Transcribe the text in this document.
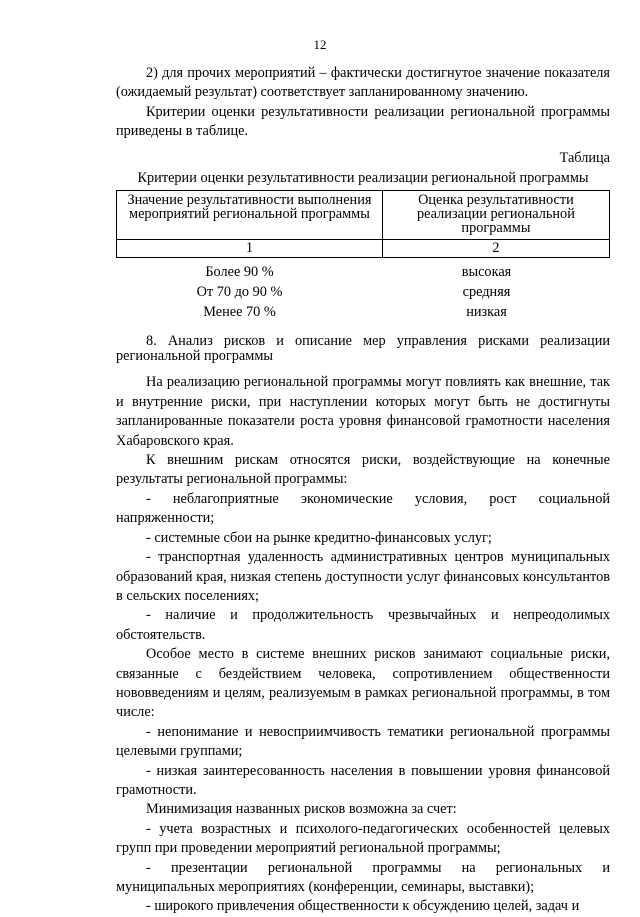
12

2) для прочих мероприятий – фактически достигнутое значение показателя (ожидаемый результат) соответствует запланированному значению.

Критерии оценки результативности реализации региональной программы приведены в таблице.

Таблица

Критерии оценки результативности реализации региональной программы

Значение результативности выполнения мероприятий региональной программы	Оценка результативности реализации региональной программы
1	2
Более 90 %	высокая
От 70 до 90 %	средняя
Менее 70 %	низкая

8. Анализ рисков и описание мер управления рисками реализации региональной программы

На реализацию региональной программы могут повлиять как внешние, так и внутренние риски, при наступлении которых могут быть не достигнуты запланированные показатели роста уровня финансовой грамотности населения Хабаровского края.

К внешним рискам относятся риски, воздействующие на конечные результаты региональной программы:

- неблагоприятные экономические условия, рост социальной напряженности;

- системные сбои на рынке кредитно-финансовых услуг;

- транспортная удаленность административных центров муниципальных образований края, низкая степень доступности услуг финансовых консультантов в сельских поселениях;

- наличие и продолжительность чрезвычайных и непреодолимых обстоятельств.

Особое место в системе внешних рисков занимают социальные риски, связанные с бездействием человека, сопротивлением общественности нововведениям и целям, реализуемым в рамках региональной программы, в том числе:

- непонимание и невосприимчивость тематики региональной программы целевыми группами;

- низкая заинтересованность населения в повышении уровня финансовой грамотности.

Минимизация названных рисков возможна за счет:

- учета возрастных и психолого-педагогических особенностей целевых групп при проведении мероприятий региональной программы;

- презентации региональной программы на региональных и муниципальных мероприятиях (конференции, семинары, выставки);

- широкого привлечения общественности к обсуждению целей, задач и
